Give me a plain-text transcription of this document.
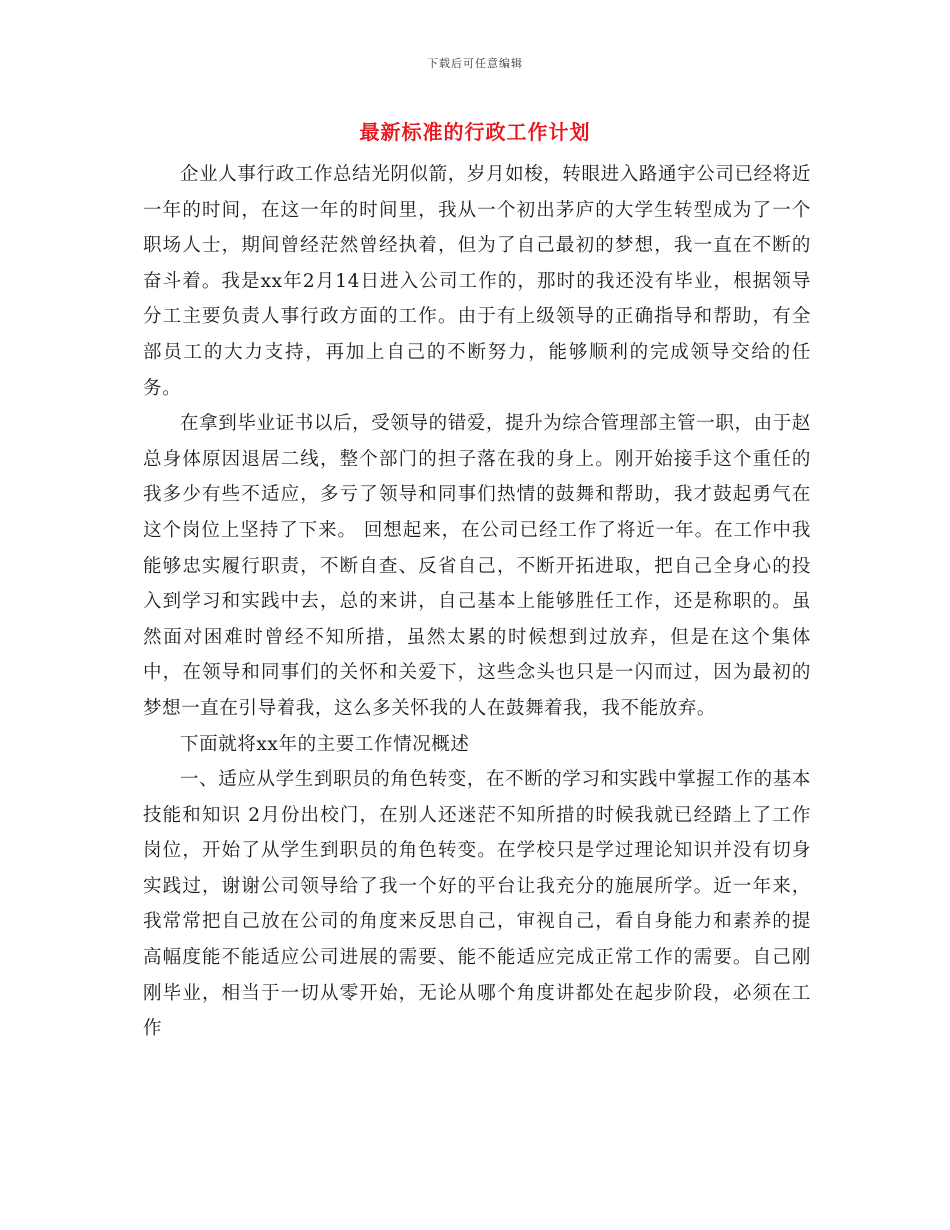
下载后可任意编辑
最新标准的行政工作计划

企业人事行政工作总结光阴似箭，岁月如梭，转眼进入路通宇公司已经将近一年的时间，在这一年的时间里，我从一个初出茅庐的大学生转型成为了一个职场人士，期间曾经茫然曾经执着，但为了自己最初的梦想，我一直在不断的奋斗着。我是xx年2月14日进入公司工作的，那时的我还没有毕业，根据领导分工主要负责人事行政方面的工作。由于有上级领导的正确指导和帮助，有全部员工的大力支持，再加上自己的不断努力，能够顺利的完成领导交给的任务。

在拿到毕业证书以后，受领导的错爱，提升为综合管理部主管一职，由于赵总身体原因退居二线，整个部门的担子落在我的身上。刚开始接手这个重任的我多少有些不适应，多亏了领导和同事们热情的鼓舞和帮助，我才鼓起勇气在这个岗位上坚持了下来。 回想起来，在公司已经工作了将近一年。在工作中我能够忠实履行职责，不断自查、反省自己，不断开拓进取，把自己全身心的投入到学习和实践中去，总的来讲，自己基本上能够胜任工作，还是称职的。虽然面对困难时曾经不知所措，虽然太累的时候想到过放弃，但是在这个集体中，在领导和同事们的关怀和关爱下，这些念头也只是一闪而过，因为最初的梦想一直在引导着我，这么多关怀我的人在鼓舞着我，我不能放弃。

下面就将xx年的主要工作情况概述

一、适应从学生到职员的角色转变，在不断的学习和实践中掌握工作的基本技能和知识 2月份出校门，在别人还迷茫不知所措的时候我就已经踏上了工作岗位，开始了从学生到职员的角色转变。在学校只是学过理论知识并没有切身实践过，谢谢公司领导给了我一个好的平台让我充分的施展所学。近一年来，我常常把自己放在公司的角度来反思自己，审视自己，看自身能力和素养的提高幅度能不能适应公司进展的需要、能不能适应完成正常工作的需要。自己刚刚毕业，相当于一切从零开始，无论从哪个角度讲都处在起步阶段，必须在工作
